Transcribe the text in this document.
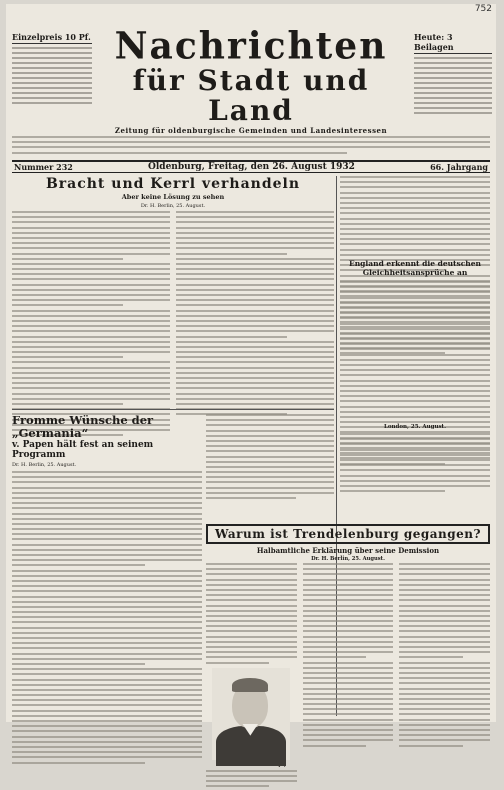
752
Einzelpreis 10 Pf. Nachrichten
für Stadt und Land
Zeitung für oldenburgische Gemeinden und Landesinteressen
Heute: 3 Beilagen
Nummer 232	Oldenburg, Freitag, den 26. August 1932	66. Jahrgang
Bracht und Kerrl verhandeln
Aber keine Lösung zu sehen
Dr. H. Berlin, 25. August.
England erkennt die deutschen Gleichheitsansprüche an
Fromme Wünsche der „Germania“
v. Papen hält fest an seinem Programm
Dr. H. Berlin, 25. August.
London, 25. August.
Warum ist Trendelenburg gegangen?
Halbamtliche Erklärung über seine Demission
Dr. H. Berlin, 25. August.
